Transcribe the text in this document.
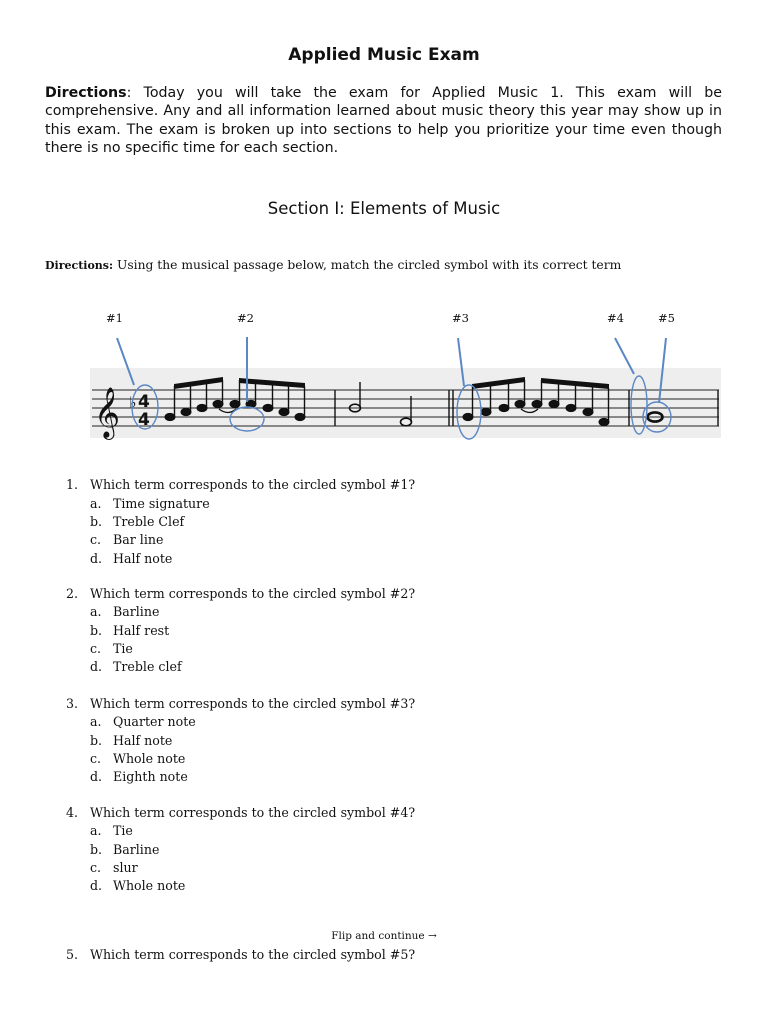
Applied Music Exam
Directions: Today you will take the exam for Applied Music 1. This exam will be comprehensive. Any and all information learned about music theory this year may show up in this exam. The exam is broken up into sections to help you prioritize your time even though there is no specific time for each section.
Section I: Elements of Music
Directions: Using the musical passage below, match the circled symbol with its correct term
𝄞 ♭ 4
4
#1	#2	#3	#4	#5
1. Which term corresponds to the circled symbol #1?
a. Time signature
b. Treble Clef
c. Bar line
d. Half note
2. Which term corresponds to the circled symbol #2?
a. Barline
b. Half rest
c. Tie
d. Treble clef
3. Which term corresponds to the circled symbol #3?
a. Quarter note
b. Half note
c. Whole note
d. Eighth note
4. Which term corresponds to the circled symbol #4?
a. Tie
b. Barline
c. slur
d. Whole note
5. Which term corresponds to the circled symbol #5?
Flip and continue →
